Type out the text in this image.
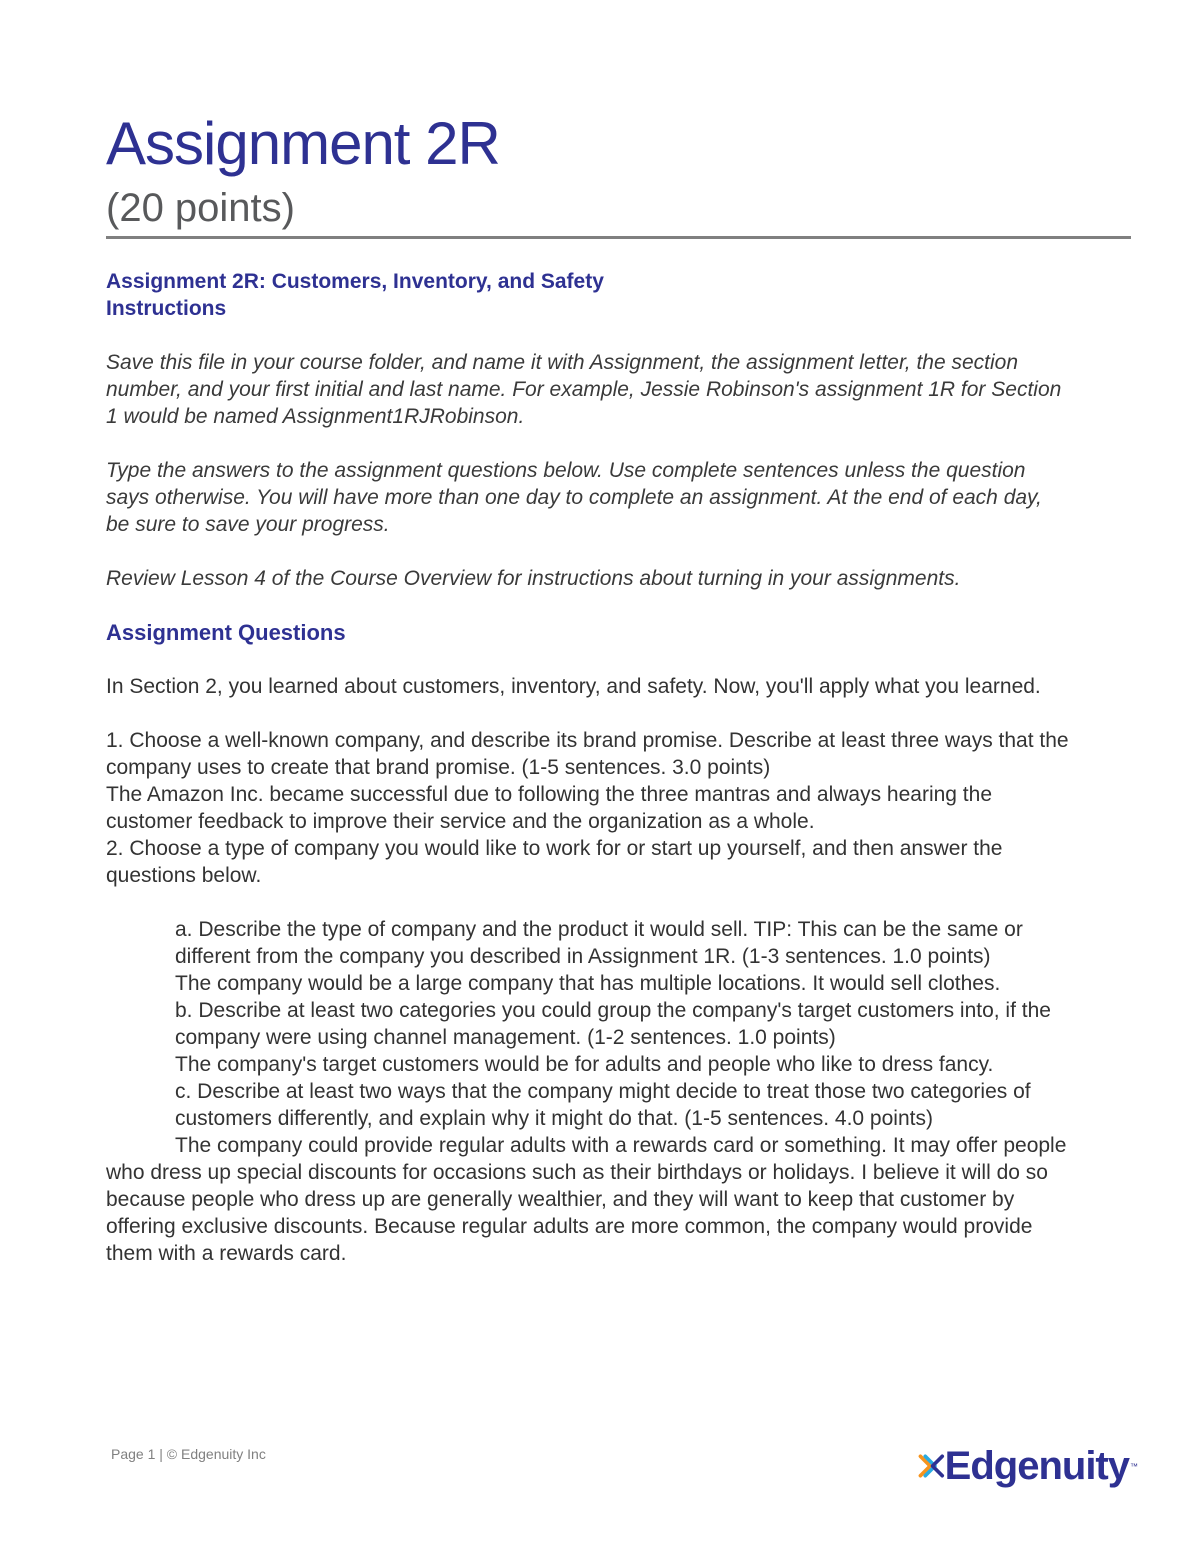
Assignment 2R
(20 points)

Assignment 2R: Customers, Inventory, and Safety

Instructions

Save this file in your course folder, and name it with Assignment, the assignment letter, the section number, and your first initial and last name. For example, Jessie Robinson's assignment 1R for Section 1 would be named Assignment1RJRobinson.

Type the answers to the assignment questions below. Use complete sentences unless the question says otherwise. You will have more than one day to complete an assignment. At the end of each day, be sure to save your progress.

Review Lesson 4 of the Course Overview for instructions about turning in your assignments.

Assignment Questions

In Section 2, you learned about customers, inventory, and safety. Now, you'll apply what you learned.

1. Choose a well-known company, and describe its brand promise. Describe at least three ways that the company uses to create that brand promise. (1-5 sentences. 3.0 points)

The Amazon Inc. became successful due to following the three mantras and always hearing the customer feedback to improve their service and the organization as a whole.

2. Choose a type of company you would like to work for or start up yourself, and then answer the questions below.

a. Describe the type of company and the product it would sell. TIP: This can be the same or different from the company you described in Assignment 1R. (1-3 sentences. 1.0 points)

The company would be a large company that has multiple locations. It would sell clothes.

b. Describe at least two categories you could group the company's target customers into, if the company were using channel management. (1-2 sentences. 1.0 points)

The company's target customers would be for adults and people who like to dress fancy.

c. Describe at least two ways that the company might decide to treat those two categories of customers differently, and explain why it might do that. (1-5 sentences. 4.0 points)

The company could provide regular adults with a rewards card or something. It may offer people who dress up special discounts for occasions such as their birthdays or holidays. I believe it will do so because people who dress up are generally wealthier, and they will want to keep that customer by offering exclusive discounts. Because regular adults are more common, the company would provide them with a rewards card.

Page 1 | © Edgenuity Inc	Edgenuity ™
